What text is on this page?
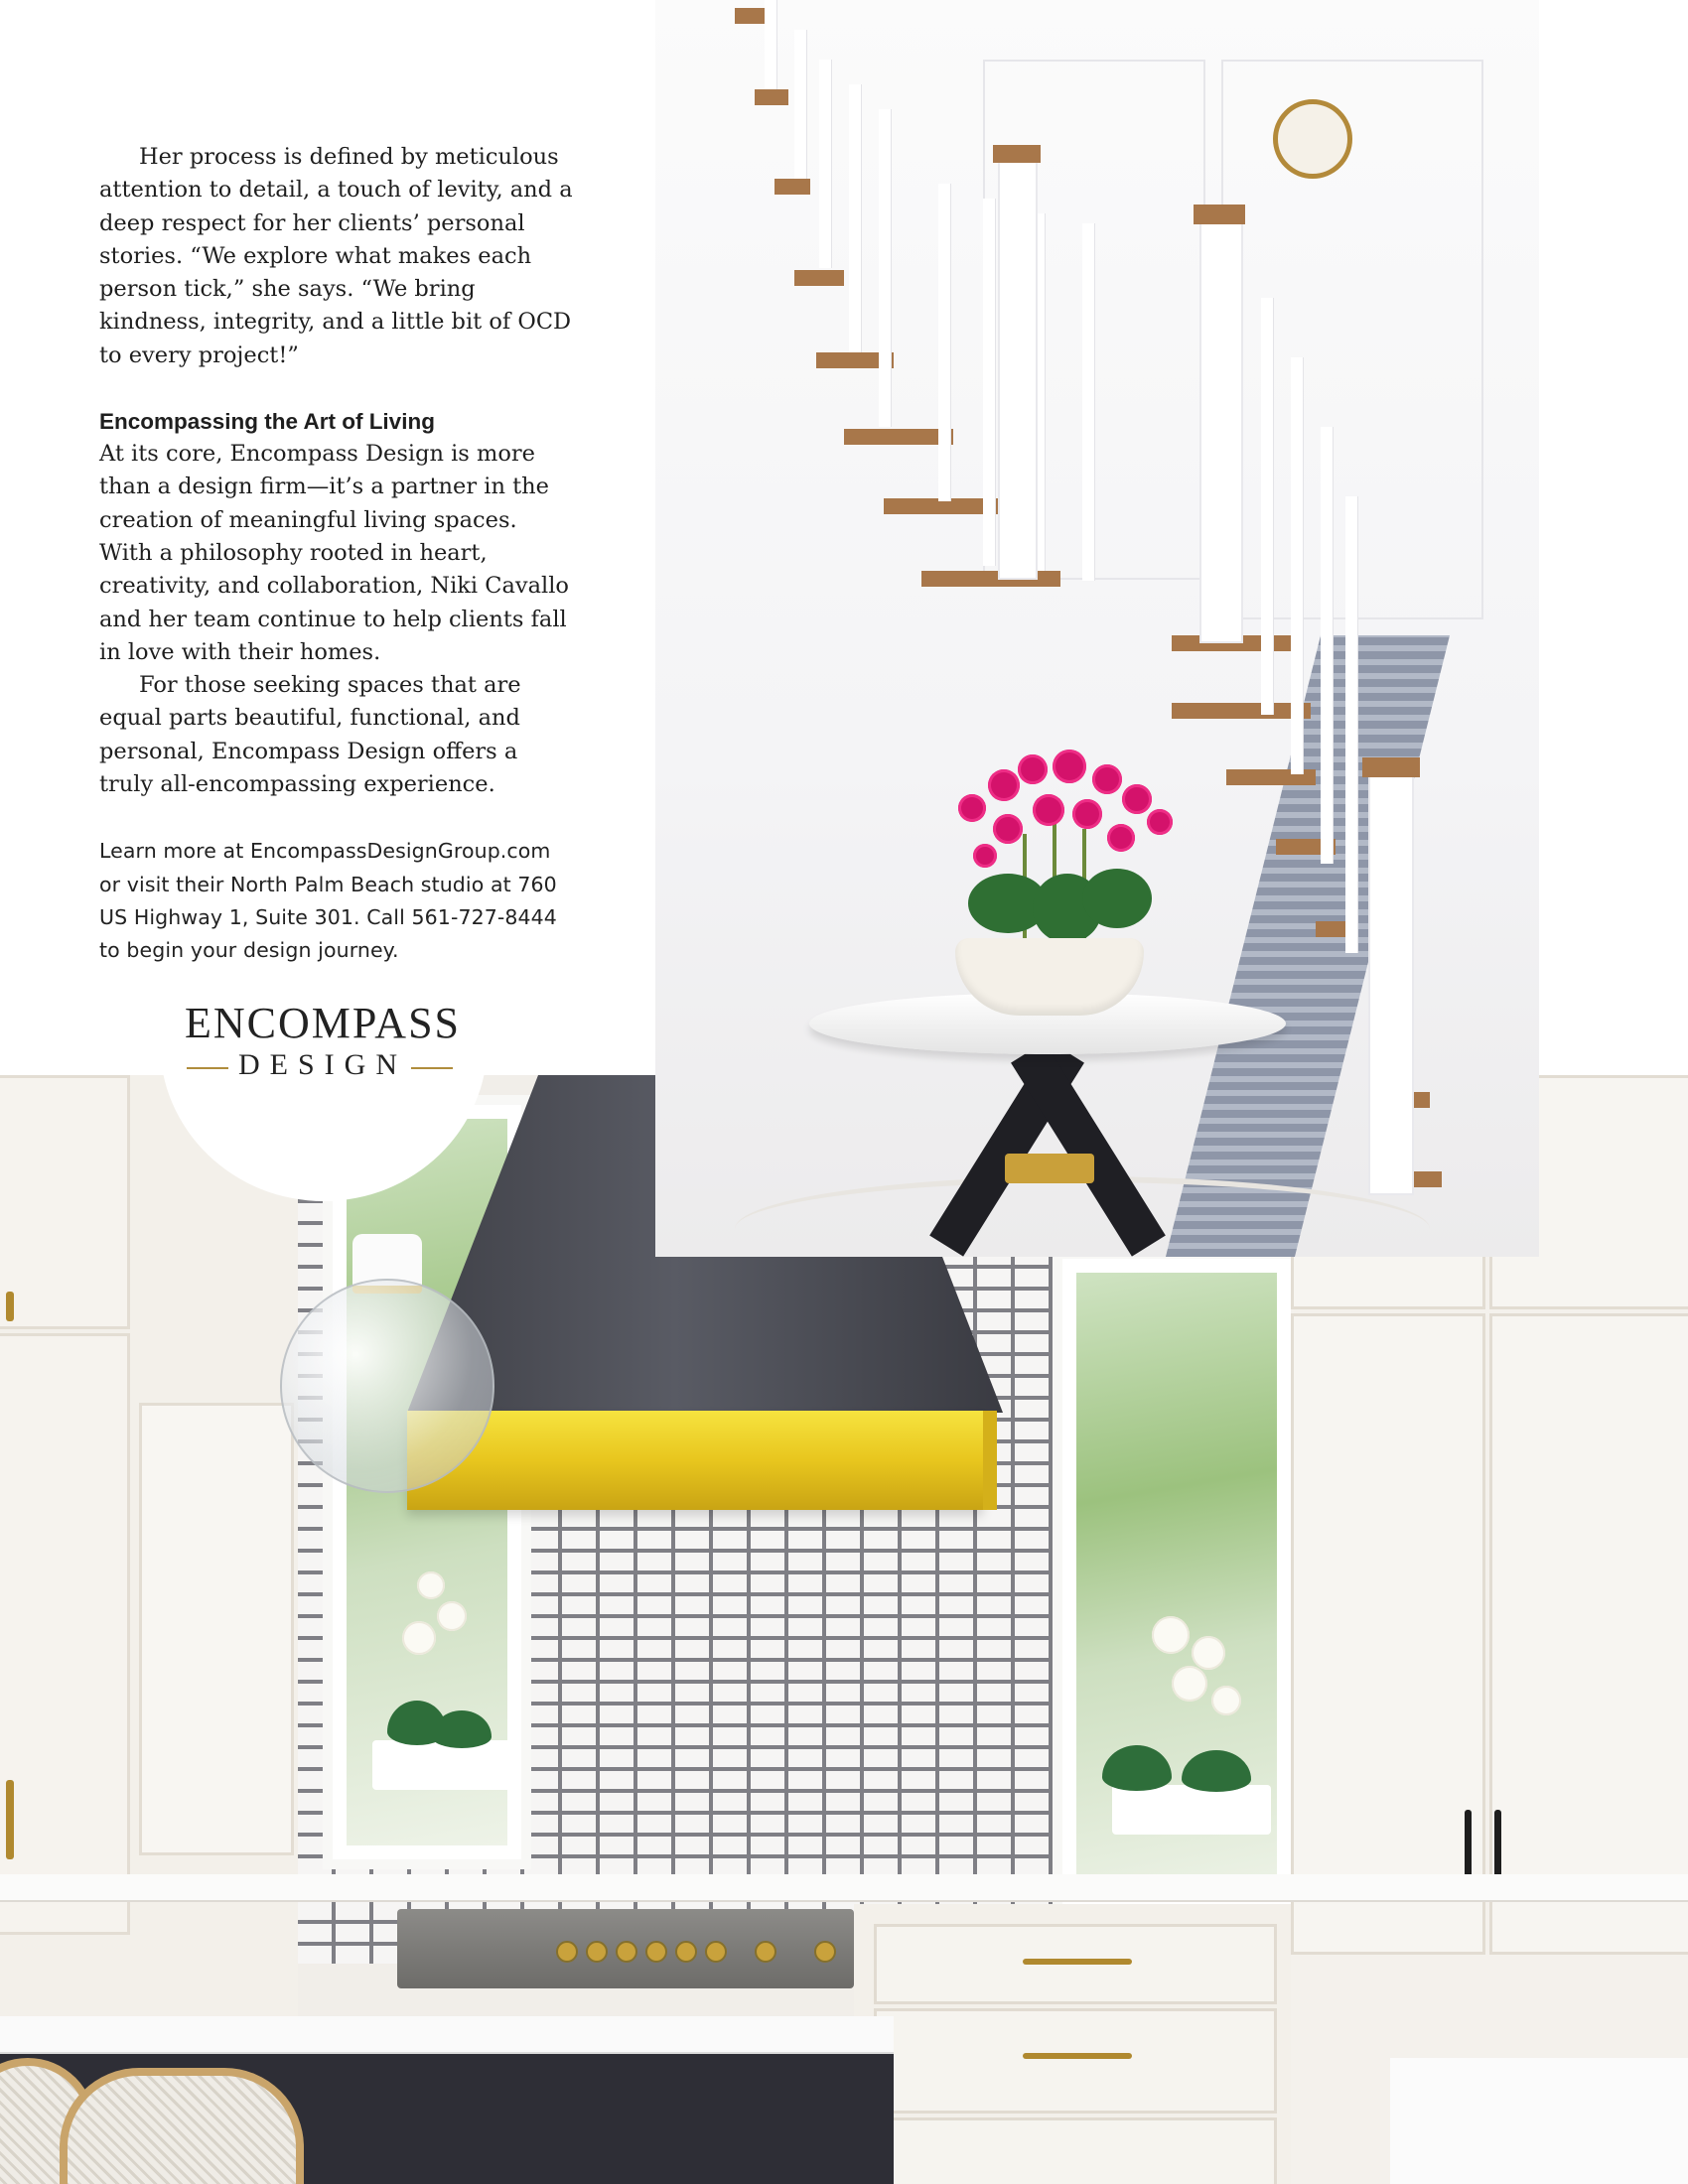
ENCOMPASS
DESIGN

Her process is defined by meticulous attention to detail, a touch of levity, and a deep respect for her clients’ personal stories. “We explore what makes each person tick,” she says. “We bring kindness, integrity, and a little bit of OCD to every project!”

Encompassing the Art of Living

At its core, Encompass Design is more than a design firm—it’s a partner in the creation of meaningful living spaces. With a philosophy rooted in heart, creativity, and collaboration, Niki Cavallo and her team continue to help clients fall in love with their homes.

For those seeking spaces that are equal parts beautiful, functional, and personal, Encompass Design offers a truly all-encompassing experience.

Learn more at EncompassDesignGroup.com or visit their North Palm Beach studio at 760 US Highway 1, Suite 301. Call 561-727-8444 to begin your design journey.
